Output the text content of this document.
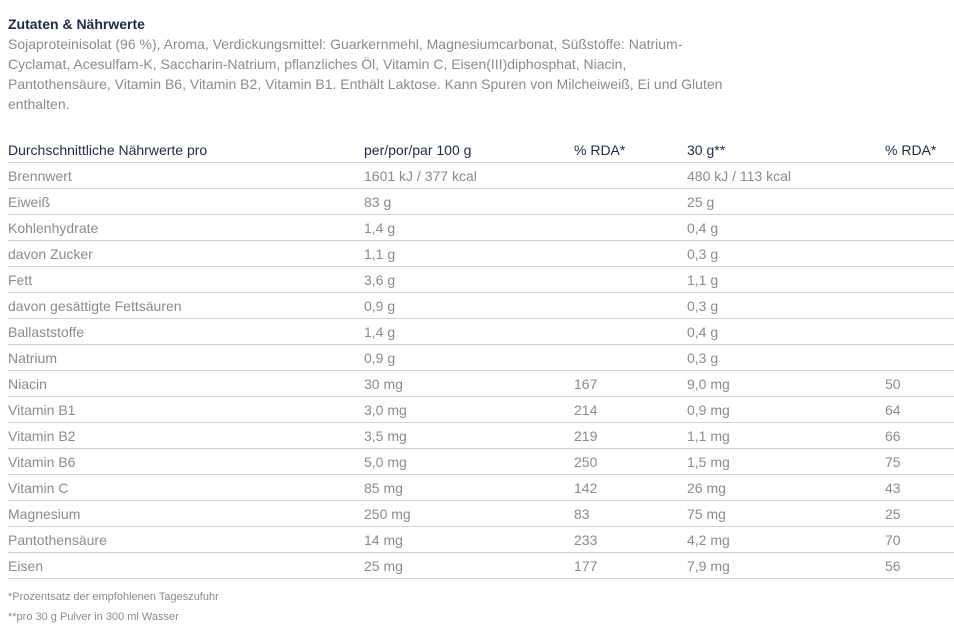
Zutaten & Nährwerte

Sojaproteinisolat (96 %), Aroma, Verdickungsmittel: Guarkernmehl, Magnesiumcarbonat, Süßstoffe: Natrium-Cyclamat, Acesulfam-K, Saccharin-Natrium, pflanzliches Öl, Vitamin C, Eisen(III)diphosphat, Niacin, Pantothensäure, Vitamin B6, Vitamin B2, Vitamin B1. Enthält Laktose. Kann Spuren von Milcheiweiß, Ei und Gluten enthalten.

Durchschnittliche Nährwerte pro	per/por/par 100 g	% RDA*	30 g**	% RDA*
Brennwert	1601 kJ / 377 kcal		480 kJ / 113 kcal	
Eiweiß	83 g		25 g	
Kohlenhydrate	1,4 g		0,4 g	
davon Zucker	1,1 g		0,3 g	
Fett	3,6 g		1,1 g	
davon gesättigte Fettsäuren	0,9 g		0,3 g	
Ballaststoffe	1,4 g		0,4 g	
Natrium	0,9 g		0,3 g	
Niacin	30 mg	167	9,0 mg	50
Vitamin B1	3,0 mg	214	0,9 mg	64
Vitamin B2	3,5 mg	219	1,1 mg	66
Vitamin B6	5,0 mg	250	1,5 mg	75
Vitamin C	85 mg	142	26 mg	43
Magnesium	250 mg	83	75 mg	25
Pantothensäure	14 mg	233	4,2 mg	70
Eisen	25 mg	177	7,9 mg	56
*Prozentsatz der empfohlenen Tageszufuhr
**pro 30 g Pulver in 300 ml Wasser
